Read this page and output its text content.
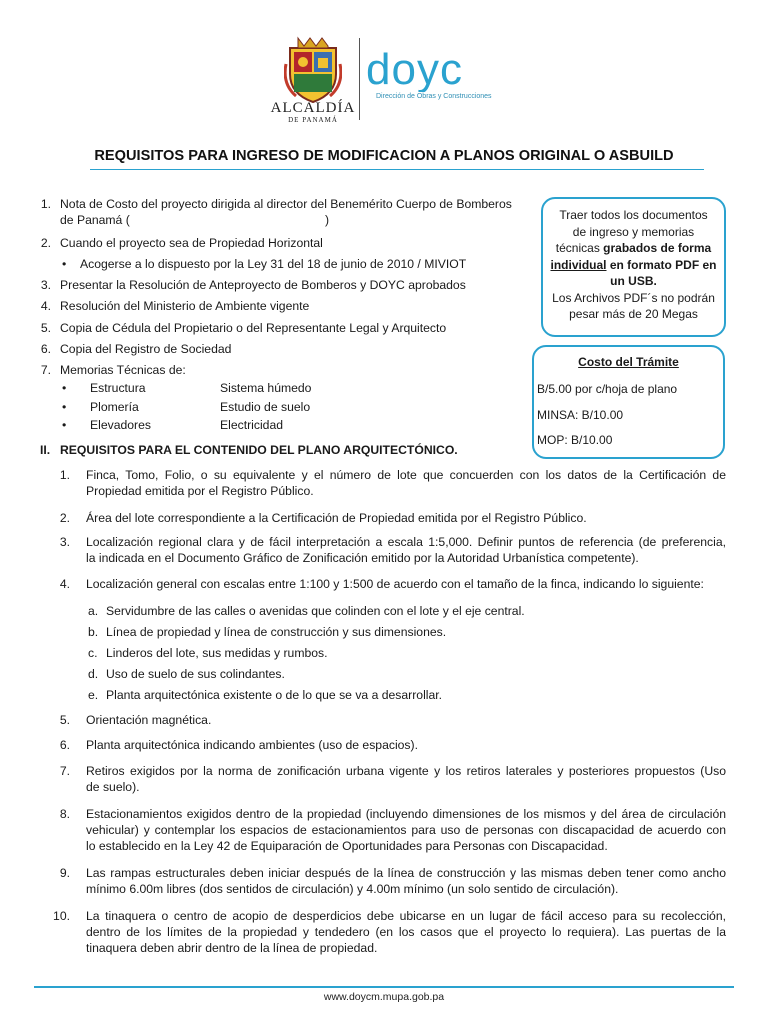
ALCALDÍA
DE PANAMÁ
doyc
Dirección de Obras y Construcciones
REQUISITOS PARA INGRESO DE MODIFICACION A PLANOS ORIGINAL O ASBUILD
1. Nota de Costo del proyecto dirigida al director del Benemérito Cuerpo de Bomberos
de Panamá (	)
2. Cuando el proyecto sea de Propiedad Horizontal
• Acogerse a lo dispuesto por la Ley 31 del 18 de junio de 2010 / MIVIOT
3. Presentar la Resolución de Anteproyecto de Bomberos y DOYC aprobados
4. Resolución del Ministerio de Ambiente vigente
5. Copia de Cédula del Propietario o del Representante Legal y Arquitecto
6. Copia del Registro de Sociedad
7. Memorias Técnicas de:
• Estructura	Sistema húmedo
• Plomería	Estudio de suelo
• Elevadores	Electricidad
Traer todos los documentos
de ingreso y memorias
técnicas grabados de forma
individual en formato PDF en
un USB.
Los Archivos PDF´s no podrán
pesar más de 20 Megas
Costo del Trámite
B/5.00 por c/hoja de plano
MINSA: B/10.00
MOP: B/10.00
II. REQUISITOS PARA EL CONTENIDO DEL PLANO ARQUITECTÓNICO.
1. Finca, Tomo, Folio, o su equivalente y el número de lote que concuerden con los datos de la Certificación de
Propiedad emitida por el Registro Público.
2. Área del lote correspondiente a la Certificación de Propiedad emitida por el Registro Público.
3. Localización regional clara y de fácil interpretación a escala 1:5,000. Definir puntos de referencia (de preferencia,
la indicada en el Documento Gráfico de Zonificación emitido por la Autoridad Urbanística competente).
4. Localización general con escalas entre 1:100 y 1:500 de acuerdo con el tamaño de la finca, indicando lo siguiente:
a. Servidumbre de las calles o avenidas que colinden con el lote y el eje central.
b. Línea de propiedad y línea de construcción y sus dimensiones.
c. Linderos del lote, sus medidas y rumbos.
d. Uso de suelo de sus colindantes.
e. Planta arquitectónica existente o de lo que se va a desarrollar.
5. Orientación magnética.
6. Planta arquitectónica indicando ambientes (uso de espacios).
7. Retiros exigidos por la norma de zonificación urbana vigente y los retiros laterales y posteriores propuestos (Uso
de suelo).
8. Estacionamientos exigidos dentro de la propiedad (incluyendo dimensiones de los mismos y del área de circulación
vehicular) y contemplar los espacios de estacionamientos para uso de personas con discapacidad de acuerdo con
lo establecido en la Ley 42 de Equiparación de Oportunidades para Personas con Discapacidad.
9. Las rampas estructurales deben iniciar después de la línea de construcción y las mismas deben tener como ancho
mínimo 6.00m libres (dos sentidos de circulación) y 4.00m mínimo (un solo sentido de circulación).
10. La tinaquera o centro de acopio de desperdicios debe ubicarse en un lugar de fácil acceso para su recolección,
dentro de los límites de la propiedad y tendedero (en los casos que el proyecto lo requiera). Las puertas de la
tinaquera deben abrir dentro de la línea de propiedad.
www.doycm.mupa.gob.pa
